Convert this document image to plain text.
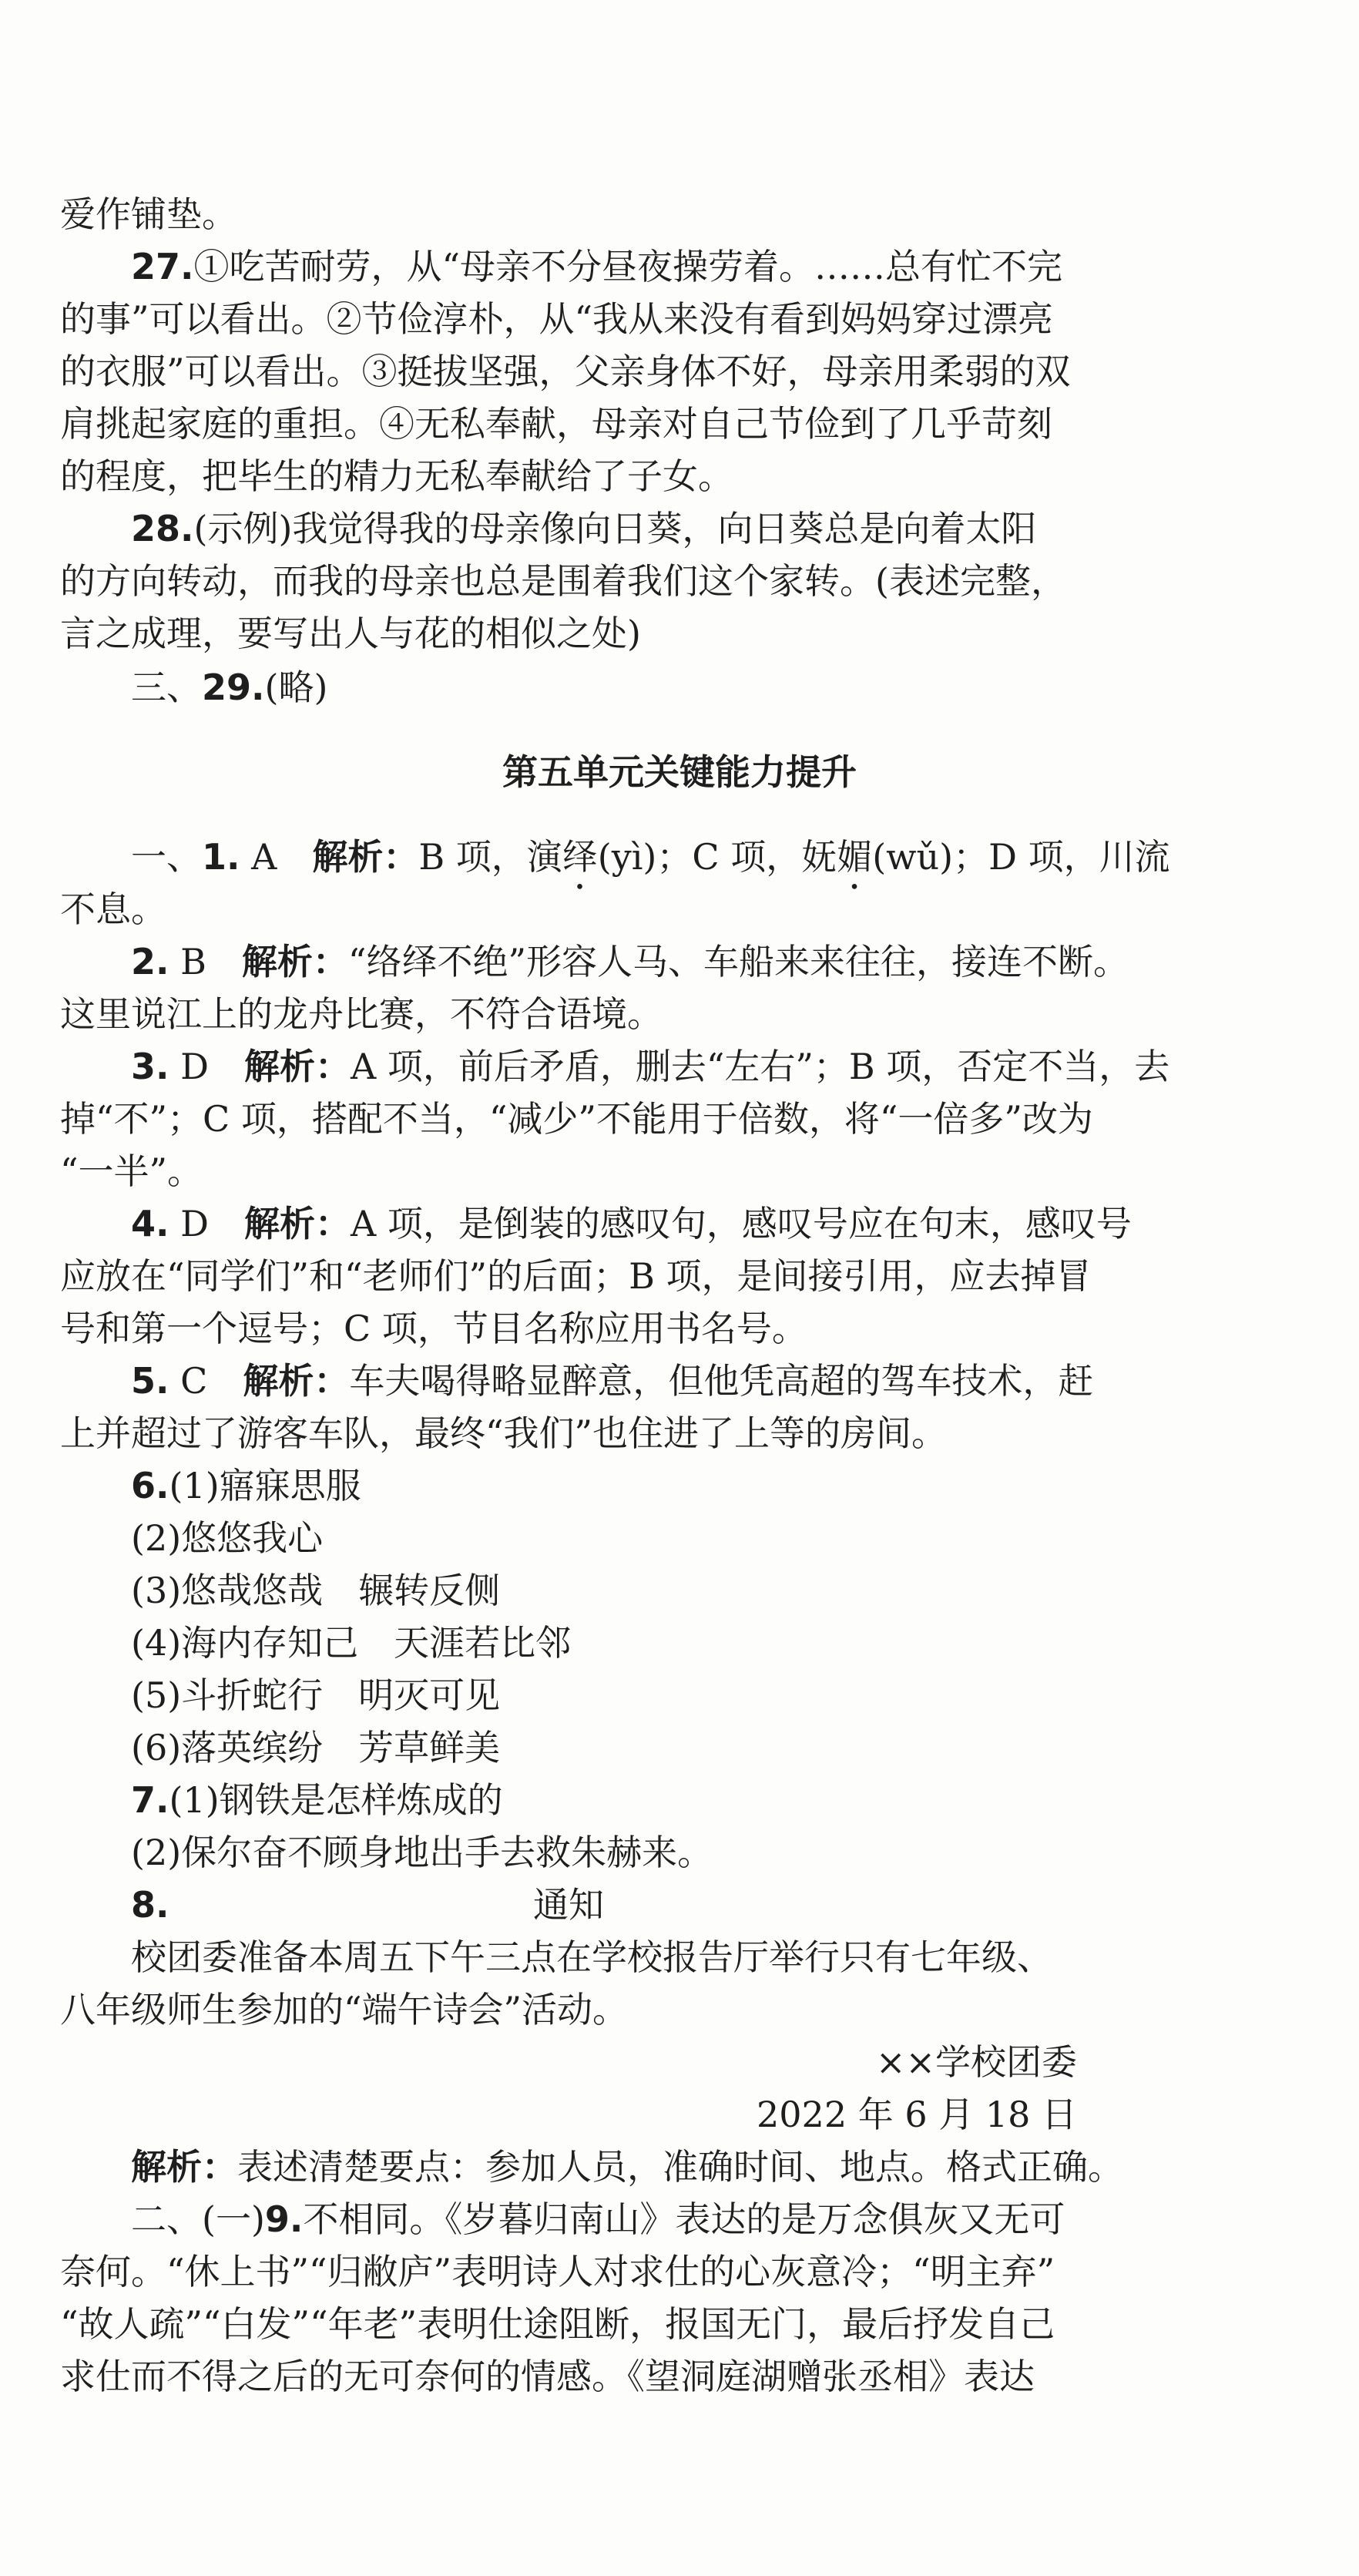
爱作铺垫。
27.①吃苦耐劳，从“母亲不分昼夜操劳着。……总有忙不完
的事”可以看出。②节俭淳朴，从“我从来没有看到妈妈穿过漂亮
的衣服”可以看出。③挺拔坚强，父亲身体不好，母亲用柔弱的双
肩挑起家庭的重担。④无私奉献，母亲对自己节俭到了几乎苛刻
的程度，把毕生的精力无私奉献给了子女。
28.(示例)我觉得我的母亲像向日葵，向日葵总是向着太阳
的方向转动，而我的母亲也总是围着我们这个家转。(表述完整，
言之成理，要写出人与花的相似之处)
三、29.(略)
第五单元关键能力提升
一、1. A　 解析：B 项，演绎(yì)；C 项，妩媚(wǔ)；D 项，川流
不息。
2. B　 解析：“络绎不绝”形容人马、车船来来往往，接连不断。
这里说江上的龙舟比赛，不符合语境。
3. D　 解析：A 项，前后矛盾，删去“左右”；B 项，否定不当，去
掉“不”；C 项，搭配不当，“减少”不能用于倍数，将“一倍多”改为
“一半”。
4. D　 解析：A 项，是倒装的感叹句，感叹号应在句末，感叹号
应放在“同学们”和“老师们”的后面；B 项，是间接引用，应去掉冒
号和第一个逗号；C 项，节目名称应用书名号。
5. C　 解析：车夫喝得略显醉意，但他凭高超的驾车技术，赶
上并超过了游客车队，最终“我们”也住进了上等的房间。
6.(1)寤寐思服
(2)悠悠我心
(3)悠哉悠哉　辗转反侧
(4)海内存知己　天涯若比邻
(5)斗折蛇行　明灭可见
(6)落英缤纷　芳草鲜美
7.(1)钢铁是怎样炼成的
(2)保尔奋不顾身地出手去救朱赫来。
8.	通知
校团委准备本周五下午三点在学校报告厅举行只有七年级、
八年级师生参加的“端午诗会”活动。
××学校团委
2022 年 6 月 18 日
解析：表述清楚要点：参加人员，准确时间、地点。格式正确。
二、(一)9.不相同。《岁暮归南山》表达的是万念俱灰又无可
奈何。“休上书”“归敝庐”表明诗人对求仕的心灰意冷；“明主弃”
“故人疏”“白发”“年老”表明仕途阻断，报国无门，最后抒发自己
求仕而不得之后的无可奈何的情感。《望洞庭湖赠张丞相》表达
